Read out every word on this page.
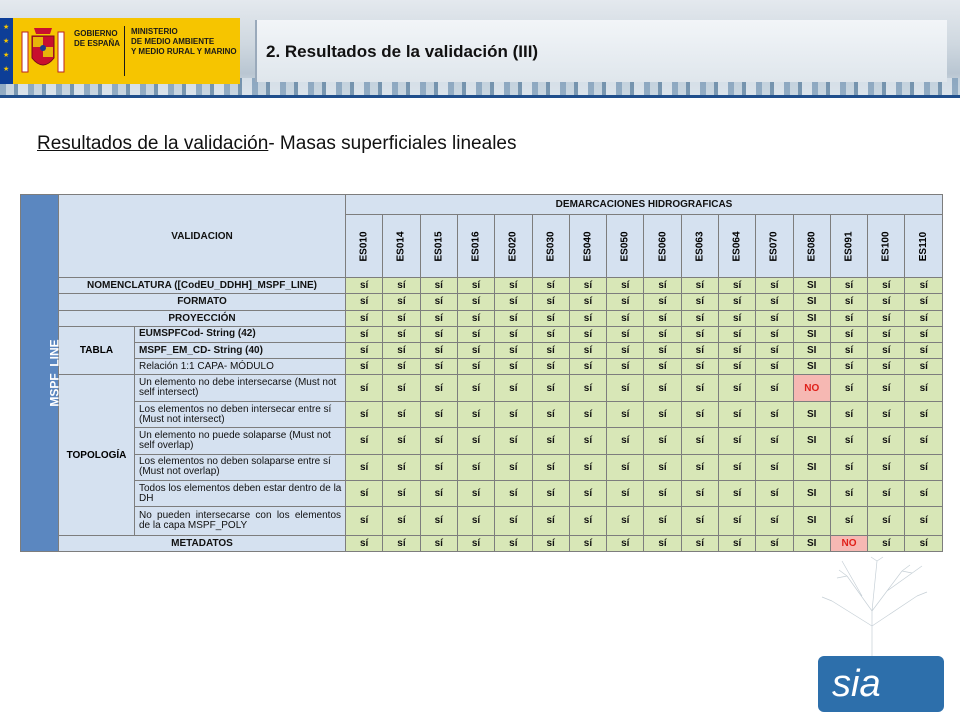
★
★
★
★
GOBIERNO
DE ESPAÑA
MINISTERIO
DE MEDIO AMBIENTE
Y MEDIO RURAL Y MARINO 2. Resultados de la validación (III)
Resultados de la validación- Masas superficiales lineales
MSPF_LINE	VALIDACION		DEMARCACIONES HIDROGRAFICAS															
			ES010	ES014	ES015	ES016	ES020	ES030	ES040	ES050	ES060	ES063	ES064	ES070	ES080	ES091	ES100	ES110
	NOMENCLATURA ([CodEU_DDHH]_MSPF_LINE)		sí	sí	sí	sí	sí	sí	sí	sí	sí	sí	sí	sí	SI	sí	sí	sí
	FORMATO		sí	sí	sí	sí	sí	sí	sí	sí	sí	sí	sí	sí	SI	sí	sí	sí
	PROYECCIÓN		sí	sí	sí	sí	sí	sí	sí	sí	sí	sí	sí	sí	SI	sí	sí	sí
	TABLA	EUMSPFCod- String (42)	sí	sí	sí	sí	sí	sí	sí	sí	sí	sí	sí	sí	SI	sí	sí	sí
		MSPF_EM_CD- String (40)	sí	sí	sí	sí	sí	sí	sí	sí	sí	sí	sí	sí	SI	sí	sí	sí
		Relación 1:1 CAPA- MÓDULO	sí	sí	sí	sí	sí	sí	sí	sí	sí	sí	sí	sí	SI	sí	sí	sí
	TOPOLOGÍA	Un elemento no debe intersecarse (Must not self intersect)	sí	sí	sí	sí	sí	sí	sí	sí	sí	sí	sí	sí	NO	sí	sí	sí
		Los elementos no deben intersecar entre sí (Must not intersect)	sí	sí	sí	sí	sí	sí	sí	sí	sí	sí	sí	sí	SI	sí	sí	sí
		Un elemento no puede solaparse (Must not self overlap)	sí	sí	sí	sí	sí	sí	sí	sí	sí	sí	sí	sí	SI	sí	sí	sí
		Los elementos no deben solaparse entre sí (Must not overlap)	sí	sí	sí	sí	sí	sí	sí	sí	sí	sí	sí	sí	SI	sí	sí	sí
		Todos los elementos deben estar dentro de la DH	sí	sí	sí	sí	sí	sí	sí	sí	sí	sí	sí	sí	SI	sí	sí	sí
		No pueden intersecarse con los elementos de la capa MSPF_POLY	sí	sí	sí	sí	sí	sí	sí	sí	sí	sí	sí	sí	SI	sí	sí	sí
	METADATOS		sí	sí	sí	sí	sí	sí	sí	sí	sí	sí	sí	sí	SI	NO	sí	sí
sia
